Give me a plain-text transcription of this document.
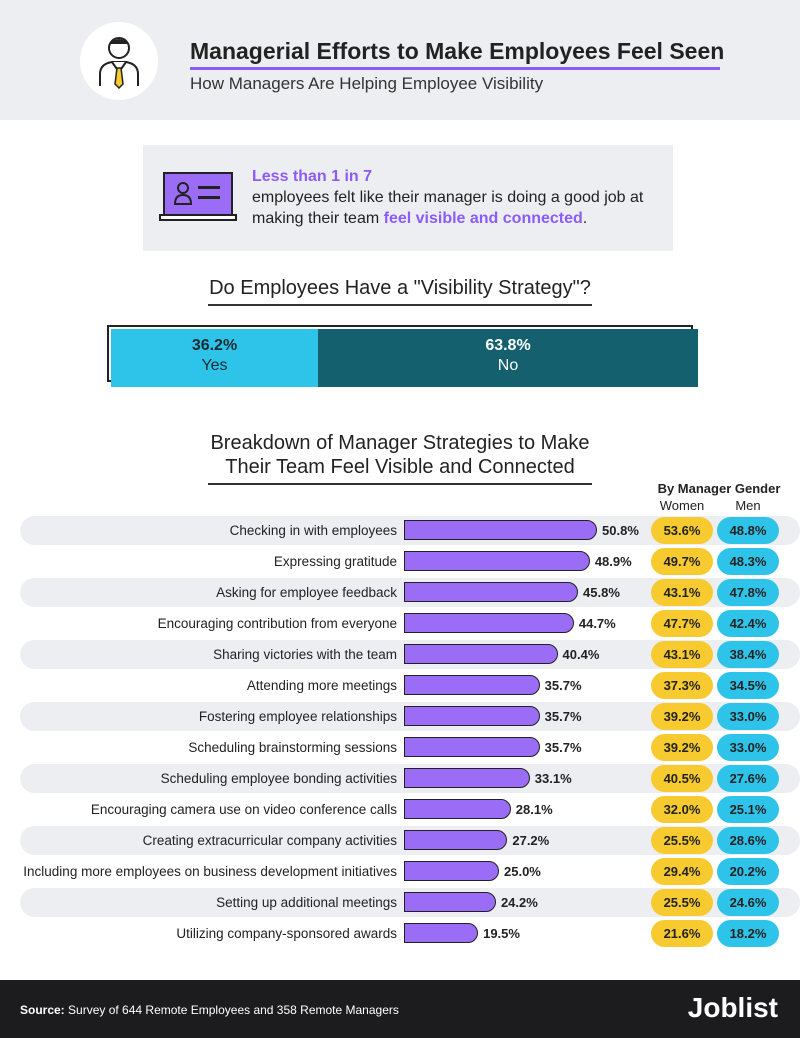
Managerial Efforts to Make Employees Feel Seen
How Managers Are Helping Employee Visibility
Less than 1 in 7
employees felt like their manager is doing a good job at making their team feel visible and connected.
Do Employees Have a "Visibility Strategy"?
36.2%
Yes
63.8%
No
Breakdown of Manager Strategies to Make
Their Team Feel Visible and Connected
By Manager Gender
Women	Men
Checking in with employees	50.8%	53.6%	48.8%
Expressing gratitude	48.9%	49.7%	48.3%
Asking for employee feedback	45.8%	43.1%	47.8%
Encouraging contribution from everyone	44.7%	47.7%	42.4%
Sharing victories with the team	40.4%	43.1%	38.4%
Attending more meetings	35.7%	37.3%	34.5%
Fostering employee relationships	35.7%	39.2%	33.0%
Scheduling brainstorming sessions	35.7%	39.2%	33.0%
Scheduling employee bonding activities	33.1%	40.5%	27.6%
Encouraging camera use on video conference calls	28.1%	32.0%	25.1%
Creating extracurricular company activities	27.2%	25.5%	28.6%
Including more employees on business development initiatives	25.0%	29.4%	20.2%
Setting up additional meetings	24.2%	25.5%	24.6%
Utilizing company-sponsored awards	19.5%	21.6%	18.2%
Source: Survey of 644 Remote Employees and 358 Remote Managers	Joblist
